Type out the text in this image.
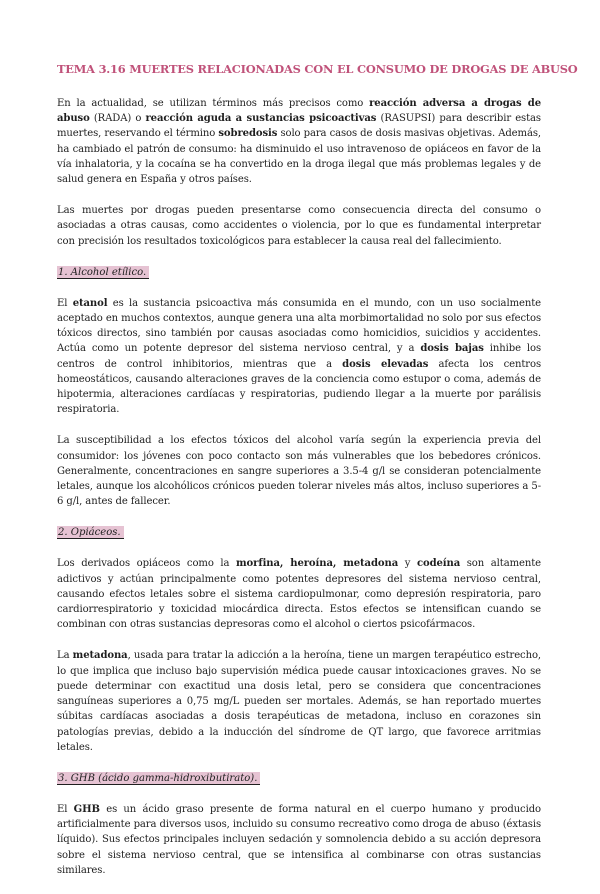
TEMA 3.16 MUERTES RELACIONADAS CON EL CONSUMO DE DROGAS DE ABUSO

En la actualidad, se utilizan términos más precisos como reacción adversa a drogas de abuso (RADA) o reacción aguda a sustancias psicoactivas (RASUPSI) para describir estas muertes, reservando el término sobredosis solo para casos de dosis masivas objetivas. Además, ha cambiado el patrón de consumo: ha disminuido el uso intravenoso de opiáceos en favor de la vía inhalatoria, y la cocaína se ha convertido en la droga ilegal que más problemas legales y de salud genera en España y otros países.

Las muertes por drogas pueden presentarse como consecuencia directa del consumo o asociadas a otras causas, como accidentes o violencia, por lo que es fundamental interpretar con precisión los resultados toxicológicos para establecer la causa real del fallecimiento.

1. Alcohol etílico.

El etanol es la sustancia psicoactiva más consumida en el mundo, con un uso socialmente aceptado en muchos contextos, aunque genera una alta morbimortalidad no solo por sus efectos tóxicos directos, sino también por causas asociadas como homicidios, suicidios y accidentes. Actúa como un potente depresor del sistema nervioso central, y a dosis bajas inhibe los centros de control inhibitorios, mientras que a dosis elevadas afecta los centros homeostáticos, causando alteraciones graves de la conciencia como estupor o coma, además de hipotermia, alteraciones cardíacas y respiratorias, pudiendo llegar a la muerte por parálisis respiratoria.

La susceptibilidad a los efectos tóxicos del alcohol varía según la experiencia previa del consumidor: los jóvenes con poco contacto son más vulnerables que los bebedores crónicos. Generalmente, concentraciones en sangre superiores a 3.5-4 g/l se consideran potencialmente letales, aunque los alcohólicos crónicos pueden tolerar niveles más altos, incluso superiores a 5-6 g/l, antes de fallecer.

2. Opiáceos.

Los derivados opiáceos como la morfina, heroína, metadona y codeína son altamente adictivos y actúan principalmente como potentes depresores del sistema nervioso central, causando efectos letales sobre el sistema cardiopulmonar, como depresión respiratoria, paro cardiorrespiratorio y toxicidad miocárdica directa. Estos efectos se intensifican cuando se combinan con otras sustancias depresoras como el alcohol o ciertos psicofármacos.

La metadona, usada para tratar la adicción a la heroína, tiene un margen terapéutico estrecho, lo que implica que incluso bajo supervisión médica puede causar intoxicaciones graves. No se puede determinar con exactitud una dosis letal, pero se considera que concentraciones sanguíneas superiores a 0,75 mg/L pueden ser mortales. Además, se han reportado muertes súbitas cardíacas asociadas a dosis terapéuticas de metadona, incluso en corazones sin patologías previas, debido a la inducción del síndrome de QT largo, que favorece arritmias letales.

3. GHB (ácido gamma-hidroxibutirato).

El GHB es un ácido graso presente de forma natural en el cuerpo humano y producido artificialmente para diversos usos, incluido su consumo recreativo como droga de abuso (éxtasis líquido). Sus efectos principales incluyen sedación y somnolencia debido a su acción depresora sobre el sistema nervioso central, que se intensifica al combinarse con otras sustancias similares.
